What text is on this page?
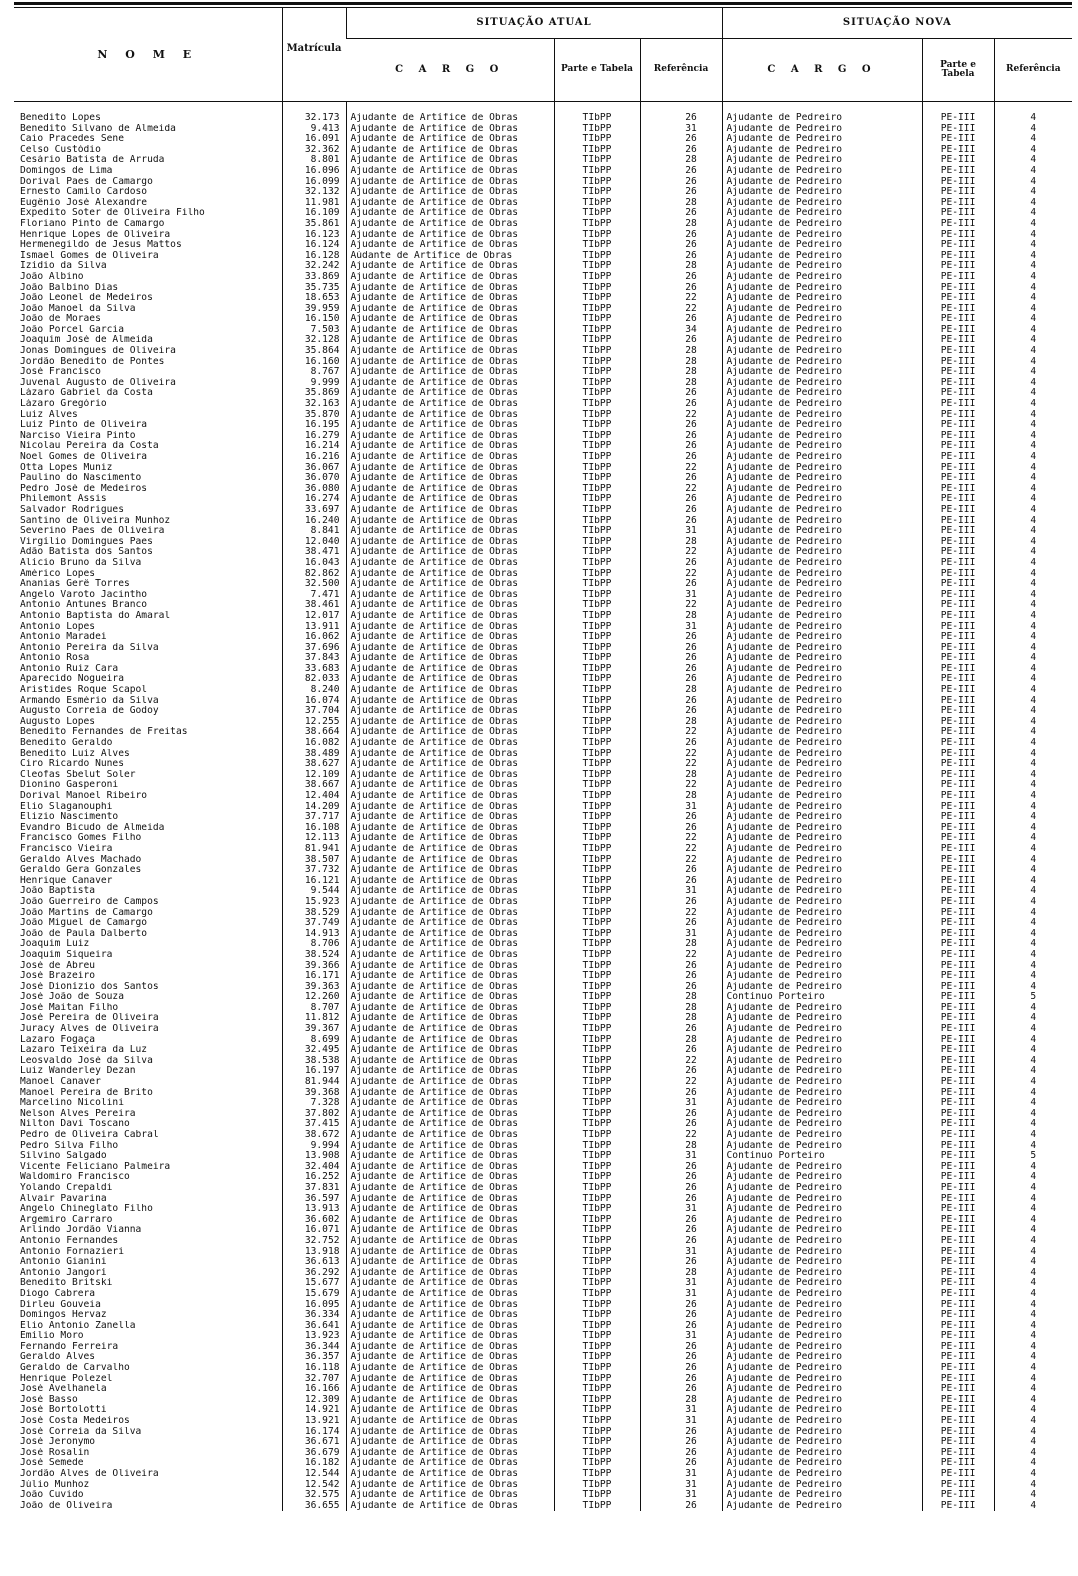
N O M E	Matrícula	SITUAÇÃO ATUAL			SITUAÇÃO NOVA		
		C A R G O	Parte e Tabela	Referência	C A R G O	Parte e Tabela	Referência

Benedito Lopes	32.173	Ajudante de Artífice de Obras	TIbPP	26	Ajudante de Pedreiro	PE-III	4
Benedito Silvano de Almeida	9.413	Ajudante de Artífice de Obras	TIbPP	31	Ajudante de Pedreiro	PE-III	4
Caio Pracedes Sene	16.091	Ajudante de Artífice de Obras	TIbPP	26	Ajudante de Pedreiro	PE-III	4
Celso Custódio	32.362	Ajudante de Artífice de Obras	TIbPP	26	Ajudante de Pedreiro	PE-III	4
Cesário Batista de Arruda	8.801	Ajudante de Artífice de Obras	TIbPP	28	Ajudante de Pedreiro	PE-III	4
Domingos de Lima	16.096	Ajudante de Artífice de Obras	TIbPP	26	Ajudante de Pedreiro	PE-III	4
Dorival Paes de Camargo	16.099	Ajudante de Artífice de Obras	TIbPP	26	Ajudante de Pedreiro	PE-III	4
Ernesto Camilo Cardoso	32.132	Ajudante de Artífice de Obras	TIbPP	26	Ajudante de Pedreiro	PE-III	4
Eugênio José Alexandre	11.981	Ajudante de Artífice de Obras	TIbPP	28	Ajudante de Pedreiro	PE-III	4
Expedito Soter de Oliveira Filho	16.109	Ajudante de Artífice de Obras	TIbPP	26	Ajudante de Pedreiro	PE-III	4
Floriano Pinto de Camargo	35.861	Ajudante de Artífice de Obras	TIbPP	28	Ajudante de Pedreiro	PE-III	4
Henrique Lopes de Oliveira	16.123	Ajudante de Artífice de Obras	TIbPP	26	Ajudante de Pedreiro	PE-III	4
Hermenegildo de Jesus Mattos	16.124	Ajudante de Artífice de Obras	TIbPP	26	Ajudante de Pedreiro	PE-III	4
Ismael Gomes de Oliveira	16.128	Aúdante de Artífice de Obras	TIbPP	26	Ajudante de Pedreiro	PE-III	4
Izídio da Silva	32.242	Ajudante de Artífice de Obras	TIbPP	28	Ajudante de Pedreiro	PE-III	4
João Albino	33.869	Ajudante de Artífice de Obras	TIbPP	26	Ajudante de Pedreiro	PE-III	4
João Balbino Dias	35.735	Ajudante de Artífice de Obras	TIbPP	26	Ajudante de Pedreiro	PE-III	4
João Leonel de Medeiros	18.653	Ajudante de Artífice de Obras	TIbPP	22	Ajudante de Pedreiro	PE-III	4
João Manoel da Silva	39.959	Ajudante de Artífice de Obras	TIbPP	22	Ajudante de Pedreiro	PE-III	4
João de Moraes	16.150	Ajudante de Artífice de Obras	TIbPP	26	Ajudante de Pedreiro	PE-III	4
João Porcel Garcia	7.503	Ajudante de Artífice de Obras	TIbPP	34	Ajudante de Pedreiro	PE-III	4
Joaquim José de Almeida	32.128	Ajudante de Artífice de Obras	TIbPP	26	Ajudante de Pedreiro	PE-III	4
Jonas Domingues de Oliveira	35.864	Ajudante de Artífice de Obras	TIbPP	28	Ajudante de Pedreiro	PE-III	4
Jordão Benedito de Pontes	16.160	Ajudante de Artífice de Obras	TIbPP	28	Ajudante de Pedreiro	PE-III	4
José Francisco	8.767	Ajudante de Artífice de Obras	TIbPP	28	Ajudante de Pedreiro	PE-III	4
Juvenal Augusto de Oliveira	9.999	Ajudante de Artífice de Obras	TIbPP	28	Ajudante de Pedreiro	PE-III	4
Lázaro Gabriel da Costa	35.869	Ajudante de Artífice de Obras	TIbPP	26	Ajudante de Pedreiro	PE-III	4
Lázaro Gregório	32.163	Ajudante de Artífice de Obras	TIbPP	26	Ajudante de Pedreiro	PE-III	4
Luiz Alves	35.870	Ajudante de Artífice de Obras	TIbPP	22	Ajudante de Pedreiro	PE-III	4
Luiz Pinto de Oliveira	16.195	Ajudante de Artífice de Obras	TIbPP	26	Ajudante de Pedreiro	PE-III	4
Narciso Vieira Pinto	16.279	Ajudante de Artífice de Obras	TIbPP	26	Ajudante de Pedreiro	PE-III	4
Nicolau Pereira da Costa	16.214	Ajudante de Artífice de Obras	TIbPP	26	Ajudante de Pedreiro	PE-III	4
Noel Gomes de Oliveira	16.216	Ajudante de Artífice de Obras	TIbPP	26	Ajudante de Pedreiro	PE-III	4
Otta Lopes Muniz	36.067	Ajudante de Artífice de Obras	TIbPP	22	Ajudante de Pedreiro	PE-III	4
Paulino do Nascimento	36.070	Ajudante de Artífice de Obras	TIbPP	26	Ajudante de Pedreiro	PE-III	4
Pedro José de Medeiros	36.080	Ajudante de Artífice de Obras	TIbPP	22	Ajudante de Pedreiro	PE-III	4
Philemont Assis	16.274	Ajudante de Artífice de Obras	TIbPP	26	Ajudante de Pedreiro	PE-III	4
Salvador Rodrigues	33.697	Ajudante de Artífice de Obras	TIbPP	26	Ajudante de Pedreiro	PE-III	4
Santino de Oliveira Munhoz	16.240	Ajudante de Artífice de Obras	TIbPP	26	Ajudante de Pedreiro	PE-III	4
Severino Paes de Oliveira	8.841	Ajudante de Artífice de Obras	TIbPP	31	Ajudante de Pedreiro	PE-III	4
Virgílio Domingues Paes	12.040	Ajudante de Artífice de Obras	TIbPP	28	Ajudante de Pedreiro	PE-III	4
Adão Batista dos Santos	38.471	Ajudante de Artífice de Obras	TIbPP	22	Ajudante de Pedreiro	PE-III	4
Alício Bruno da Silva	16.043	Ajudante de Artífice de Obras	TIbPP	26	Ajudante de Pedreiro	PE-III	4
Américo Lopes	82.862	Ajudante de Artífice de Obras	TIbPP	22	Ajudante de Pedreiro	PE-III	4
Ananias Gerê Torres	32.500	Ajudante de Artífice de Obras	TIbPP	26	Ajudante de Pedreiro	PE-III	4
Angelo Varoto Jacintho	7.471	Ajudante de Artífice de Obras	TIbPP	31	Ajudante de Pedreiro	PE-III	4
Antonio Antunes Branco	38.461	Ajudante de Artífice de Obras	TIbPP	22	Ajudante de Pedreiro	PE-III	4
Antonio Baptista do Amaral	12.017	Ajudante de Artífice de Obras	TIbPP	28	Ajudante de Pedreiro	PE-III	4
Antonio Lopes	13.911	Ajudante de Artífice de Obras	TIbPP	31	Ajudante de Pedreiro	PE-III	4
Antonio Maradei	16.062	Ajudante de Artífice de Obras	TIbPP	26	Ajudante de Pedreiro	PE-III	4
Antonio Pereira da Silva	37.696	Ajudante de Artífice de Obras	TIbPP	26	Ajudante de Pedreiro	PE-III	4
Antonio Rosa	37.843	Ajudante de Artífice de Obras	TIbPP	26	Ajudante de Pedreiro	PE-III	4
Antonio Ruiz Cara	33.683	Ajudante de Artífice de Obras	TIbPP	26	Ajudante de Pedreiro	PE-III	4
Aparecido Nogueira	82.033	Ajudante de Artífice de Obras	TIbPP	26	Ajudante de Pedreiro	PE-III	4
Aristides Roque Scapol	8.240	Ajudante de Artífice de Obras	TIbPP	28	Ajudante de Pedreiro	PE-III	4
Armando Esmério da Silva	16.074	Ajudante de Artífice de Obras	TIbPP	26	Ajudante de Pedreiro	PE-III	4
Augusto Correia de Godoy	37.704	Ajudante de Artífice de Obras	TIbPP	26	Ajudante de Pedreiro	PE-III	4
Augusto Lopes	12.255	Ajudante de Artífice de Obras	TIbPP	28	Ajudante de Pedreiro	PE-III	4
Benedito Fernandes de Freitas	38.664	Ajudante de Artífice de Obras	TIbPP	22	Ajudante de Pedreiro	PE-III	4
Benedito Geraldo	16.082	Ajudante de Artífice de Obras	TIbPP	26	Ajudante de Pedreiro	PE-III	4
Benedito Luiz Alves	38.489	Ajudante de Artífice de Obras	TIbPP	22	Ajudante de Pedreiro	PE-III	4
Ciro Ricardo Nunes	38.627	Ajudante de Artífice de Obras	TIbPP	22	Ajudante de Pedreiro	PE-III	4
Cleofas Sbelut Soler	12.109	Ajudante de Artífice de Obras	TIbPP	28	Ajudante de Pedreiro	PE-III	4
Dionino Gasperoni	38.667	Ajudante de Artífice de Obras	TIbPP	22	Ajudante de Pedreiro	PE-III	4
Dorival Manoel Ribeiro	12.404	Ajudante de Artífice de Obras	TIbPP	28	Ajudante de Pedreiro	PE-III	4
Elio Slaganouphi	14.209	Ajudante de Artífice de Obras	TIbPP	31	Ajudante de Pedreiro	PE-III	4
Elizio Nascimento	37.717	Ajudante de Artífice de Obras	TIbPP	26	Ajudante de Pedreiro	PE-III	4
Evandro Bicudo de Almeida	16.108	Ajudante de Artífice de Obras	TIbPP	26	Ajudante de Pedreiro	PE-III	4
Francisco Gomes Filho	12.113	Ajudante de Artífice de Obras	TIbPP	22	Ajudante de Pedreiro	PE-III	4
Francisco Vieira	81.941	Ajudante de Artífice de Obras	TIbPP	22	Ajudante de Pedreiro	PE-III	4
Geraldo Alves Machado	38.507	Ajudante de Artífice de Obras	TIbPP	22	Ajudante de Pedreiro	PE-III	4
Geraldo Gera Gonzales	37.732	Ajudante de Artífice de Obras	TIbPP	26	Ajudante de Pedreiro	PE-III	4
Henrique Canaver	16.121	Ajudante de Artífice de Obras	TIbPP	26	Ajudante de Pedreiro	PE-III	4
João Baptista	9.544	Ajudante de Artífice de Obras	TIbPP	31	Ajudante de Pedreiro	PE-III	4
João Guerreiro de Campos	15.923	Ajudante de Artífice de Obras	TIbPP	26	Ajudante de Pedreiro	PE-III	4
João Martins de Camargo	38.529	Ajudante de Artífice de Obras	TIbPP	22	Ajudante de Pedreiro	PE-III	4
João Miguel de Camargo	37.749	Ajudante de Artífice de Obras	TIbPP	26	Ajudante de Pedreiro	PE-III	4
João de Paula Dalberto	14.913	Ajudante de Artífice de Obras	TIbPP	31	Ajudante de Pedreiro	PE-III	4
Joaquim Luiz	8.706	Ajudante de Artífice de Obras	TIbPP	28	Ajudante de Pedreiro	PE-III	4
Joaquim Siqueira	38.524	Ajudante de Artífice de Obras	TIbPP	22	Ajudante de Pedreiro	PE-III	4
José de Abreu	39.366	Ajudante de Artífice de Obras	TIbPP	26	Ajudante de Pedreiro	PE-III	4
José Brazeiro	16.171	Ajudante de Artífice de Obras	TIbPP	26	Ajudante de Pedreiro	PE-III	4
José Dionízio dos Santos	39.363	Ajudante de Artífice de Obras	TIbPP	26	Ajudante de Pedreiro	PE-III	4
José João de Souza	12.260	Ajudante de Artífice de Obras	TIbPP	28	Contínuo Porteiro	PE-III	5
José Maitan Filho	8.707	Ajudante de Artífice de Obras	TIbPP	28	Ajudante de Pedreiro	PE-III	4
José Pereira de Oliveira	11.812	Ajudante de Artífice de Obras	TIbPP	28	Ajudante de Pedreiro	PE-III	4
Juracy Alves de Oliveira	39.367	Ajudante de Artífice de Obras	TIbPP	26	Ajudante de Pedreiro	PE-III	4
Lazaro Fogaça	8.699	Ajudante de Artífice de Obras	TIbPP	28	Ajudante de Pedreiro	PE-III	4
Lazaro Teixeira da Luz	32.495	Ajudante de Artífice de Obras	TIbPP	26	Ajudante de Pedreiro	PE-III	4
Leosvaldo José da Silva	38.538	Ajudante de Artífice de Obras	TIbPP	22	Ajudante de Pedreiro	PE-III	4
Luiz Wanderley Dezan	16.197	Ajudante de Artífice de Obras	TIbPP	26	Ajudante de Pedreiro	PE-III	4
Manoel Canaver	81.944	Ajudante de Artífice de Obras	TIbPP	22	Ajudante de Pedreiro	PE-III	4
Manoel Pereira de Brito	39.368	Ajudante de Artífice de Obras	TIbPP	26	Ajudante de Pedreiro	PE-III	4
Marcelino Nicolini	7.328	Ajudante de Artífice de Obras	TIbPP	31	Ajudante de Pedreiro	PE-III	4
Nelson Alves Pereira	37.802	Ajudante de Artífice de Obras	TIbPP	26	Ajudante de Pedreiro	PE-III	4
Nilton Davi Toscano	37.415	Ajudante de Artífice de Obras	TIbPP	26	Ajudante de Pedreiro	PE-III	4
Pedro de Oliveira Cabral	38.672	Ajudante de Artífice de Obras	TIbPP	22	Ajudante de Pedreiro	PE-III	4
Pedro Silva Filho	9.994	Ajudante de Artífice de Obras	TIbPP	28	Ajudante de Pedreiro	PE-III	4
Silvino Salgado	13.908	Ajudante de Artífice de Obras	TIbPP	31	Contínuo Porteiro	PE-III	5
Vicente Feliciano Palmeira	32.404	Ajudante de Artífice de Obras	TIbPP	26	Ajudante de Pedreiro	PE-III	4
Waldomiro Francisco	16.252	Ajudante de Artífice de Obras	TIbPP	26	Ajudante de Pedreiro	PE-III	4
Yolando Crepaldi	37.831	Ajudante de Artífice de Obras	TIbPP	26	Ajudante de Pedreiro	PE-III	4
Alvair Pavarina	36.597	Ajudante de Artífice de Obras	TIbPP	26	Ajudante de Pedreiro	PE-III	4
Angelo Chineglato Filho	13.913	Ajudante de Artífice de Obras	TIbPP	31	Ajudante de Pedreiro	PE-III	4
Argemiro Carraro	36.602	Ajudante de Artífice de Obras	TIbPP	26	Ajudante de Pedreiro	PE-III	4
Arlindo Jordão Vianna	16.071	Ajudante de Artífice de Obras	TIbPP	26	Ajudante de Pedreiro	PE-III	4
Antonio Fernandes	32.752	Ajudante de Artífice de Obras	TIbPP	26	Ajudante de Pedreiro	PE-III	4
Antonio Fornazieri	13.918	Ajudante de Artífice de Obras	TIbPP	31	Ajudante de Pedreiro	PE-III	4
Antonio Gianini	36.613	Ajudante de Artífice de Obras	TIbPP	26	Ajudante de Pedreiro	PE-III	4
Antonio Jangorí	36.292	Ajudante de Artífice de Obras	TIbPP	28	Ajudante de Pedreiro	PE-III	4
Benedito Britski	15.677	Ajudante de Artífice de Obras	TIbPP	31	Ajudante de Pedreiro	PE-III	4
Diogo Cabrera	15.679	Ajudante de Artífice de Obras	TIbPP	31	Ajudante de Pedreiro	PE-III	4
Dirleu Gouveia	16.095	Ajudante de Artífice de Obras	TIbPP	26	Ajudante de Pedreiro	PE-III	4
Domingos Hervaz	36.334	Ajudante de Artífice de Obras	TIbPP	26	Ajudante de Pedreiro	PE-III	4
Elio Antonio Zanella	36.641	Ajudante de Artífice de Obras	TIbPP	26	Ajudante de Pedreiro	PE-III	4
Emílio Moro	13.923	Ajudante de Artífice de Obras	TIbPP	31	Ajudante de Pedreiro	PE-III	4
Fernando Ferreira	36.344	Ajudante de Artífice de Obras	TIbPP	26	Ajudante de Pedreiro	PE-III	4
Geraldo Alves	36.357	Ajudante de Artífice de Obras	TIbPP	26	Ajudante de Pedreiro	PE-III	4
Geraldo de Carvalho	16.118	Ajudante de Artífice de Obras	TIbPP	26	Ajudante de Pedreiro	PE-III	4
Henrique Polezel	32.707	Ajudante de Artífice de Obras	TIbPP	26	Ajudante de Pedreiro	PE-III	4
José Avelhanela	16.166	Ajudante de Artífice de Obras	TIbPP	26	Ajudante de Pedreiro	PE-III	4
José Basso	12.309	Ajudante de Artífice de Obras	TIbPP	28	Ajudante de Pedreiro	PE-III	4
José Bortolotti	14.921	Ajudante de Artífice de Obras	TIbPP	31	Ajudante de Pedreiro	PE-III	4
José Costa Medeiros	13.921	Ajudante de Artífice de Obras	TIbPP	31	Ajudante de Pedreiro	PE-III	4
José Correia da Silva	16.174	Ajudante de Artífice de Obras	TIbPP	26	Ajudante de Pedreiro	PE-III	4
José Jeronymo	36.671	Ajudante de Artífice de Obras	TIbPP	26	Ajudante de Pedreiro	PE-III	4
José Rosalin	36.679	Ajudante de Artífice de Obras	TIbPP	26	Ajudante de Pedreiro	PE-III	4
José Semede	16.182	Ajudante de Artífice de Obras	TIbPP	26	Ajudante de Pedreiro	PE-III	4
Jordão Alves de Oliveira	12.544	Ajudante de Artífice de Obras	TIbPP	31	Ajudante de Pedreiro	PE-III	4
Júlio Munhoz	12.542	Ajudante de Artífice de Obras	TIbPP	31	Ajudante de Pedreiro	PE-III	4
João Cuvido	32.575	Ajudante de Artífice de Obras	TIbPP	31	Ajudante de Pedreiro	PE-III	4
João de Oliveira	36.655	Ajudante de Artífice de Obras	TIbPP	26	Ajudante de Pedreiro	PE-III	4
